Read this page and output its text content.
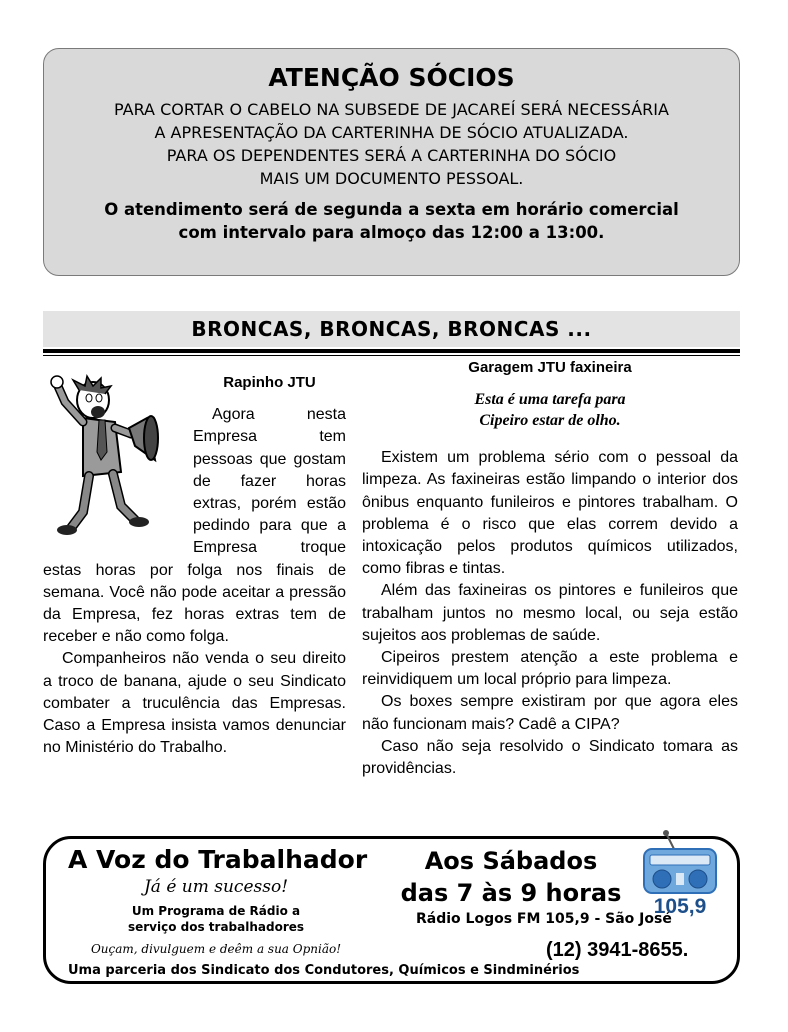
ATENÇÃO SÓCIOS
PARA CORTAR O CABELO NA SUBSEDE DE JACAREÍ SERÁ NECESSÁRIA
A APRESENTAÇÃO DA CARTERINHA DE SÓCIO ATUALIZADA.
PARA OS DEPENDENTES SERÁ A CARTERINHA DO SÓCIO
MAIS UM DOCUMENTO PESSOAL.
O atendimento será de segunda a sexta em horário comercial
com intervalo para almoço das 12:00 a 13:00.
BRONCAS, BRONCAS, BRONCAS ...
Rapinho JTU

Agora nesta Empresa tem pessoas que gostam de fazer horas extras, porém estão pedindo para que a Empresa troque estas horas por folga nos finais de semana. Você não pode aceitar a pressão da Empresa, fez horas extras tem de receber e não como folga.

Companheiros não venda o seu direito a troco de banana, ajude o seu Sindicato combater a truculência das Empresas. Caso a Empresa insista vamos denunciar no Ministério do Trabalho.

Garagem JTU faxineira
Esta é uma tarefa para
Cipeiro estar de olho.

Existem um problema sério com o pessoal da limpeza. As faxineiras estão limpando o interior dos ônibus enquanto funileiros e pintores trabalham. O problema é o risco que elas correm devido a intoxicação pelos produtos químicos utilizados, como fibras e tintas.

Além das faxineiras os pintores e funileiros que trabalham juntos no mesmo local, ou seja estão sujeitos aos problemas de saúde.

Cipeiros prestem atenção a este problema e reinvidiquem um local próprio para limpeza.

Os boxes sempre existiram por que agora eles não funcionam mais? Cadê a CIPA?

Caso não seja resolvido o Sindicato tomara as providências.

A Voz do Trabalhador
Já é um sucesso!
Um Programa de Rádio a
serviço dos trabalhadores
Ouçam, divulguem e deêm a sua Opnião!
Uma parceria dos Sindicato dos Condutores, Químicos e Sindminérios
Aos Sábados
das 7 às 9 horas
Rádio Logos FM 105,9 - São José
(12) 3941-8655.
105,9
